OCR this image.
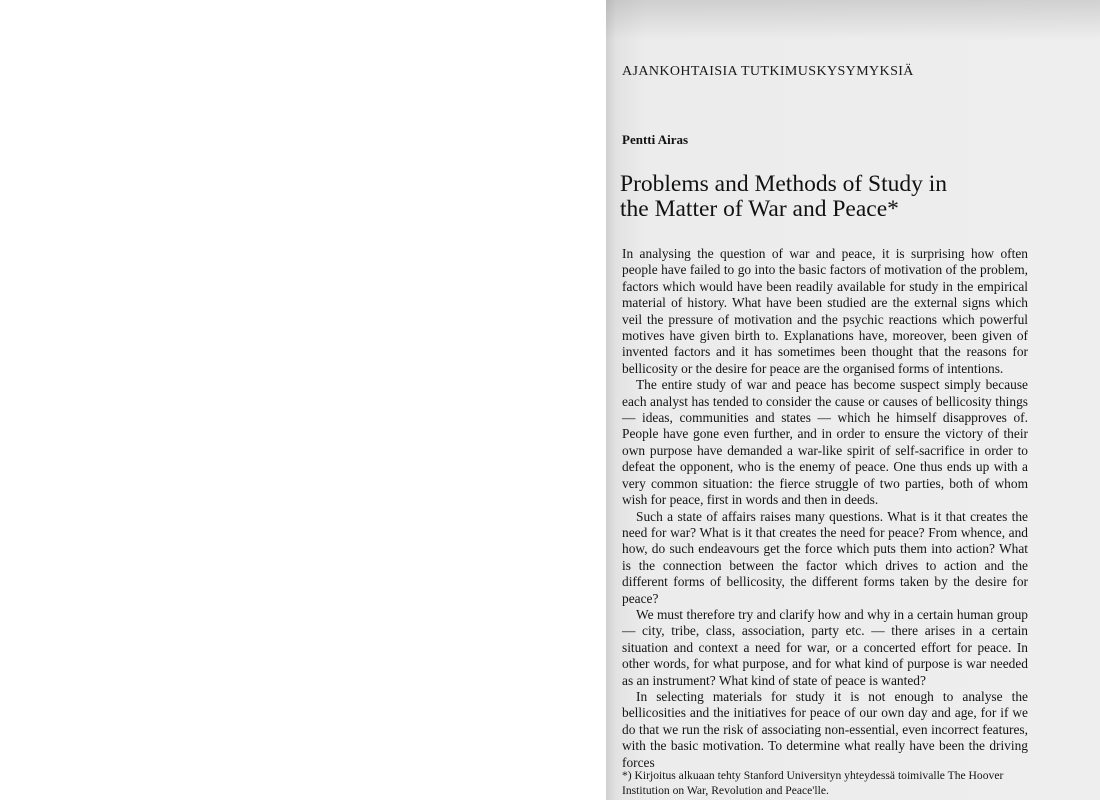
AJANKOHTAISIA TUTKIMUSKYSYMYKSIÄ
Pentti Airas
Problems and Methods of Study in
the Matter of War and Peace*

In analysing the question of war and peace, it is surprising how often people have failed to go into the basic factors of motivation of the problem, factors which would have been readily available for study in the empirical material of history. What have been studied are the external signs which veil the pressure of motivation and the psychic reactions which powerful motives have given birth to. Explanations have, moreover, been given of invented factors and it has sometimes been thought that the reasons for bellicosity or the desire for peace are the organised forms of intentions.

The entire study of war and peace has become suspect simply because each analyst has tended to consider the cause or causes of bellicosity things — ideas, communities and states — which he himself disapproves of. People have gone even further, and in order to ensure the victory of their own purpose have demanded a war-like spirit of self-sacrifice in order to defeat the opponent, who is the enemy of peace. One thus ends up with a very common situation: the fierce struggle of two parties, both of whom wish for peace, first in words and then in deeds.

Such a state of affairs raises many questions. What is it that creates the need for war? What is it that creates the need for peace? From whence, and how, do such endeavours get the force which puts them into action? What is the connection between the factor which drives to action and the different forms of bellicosity, the different forms taken by the desire for peace?

We must therefore try and clarify how and why in a certain human group — city, tribe, class, association, party etc. — there arises in a certain situation and context a need for war, or a concerted effort for peace. In other words, for what purpose, and for what kind of purpose is war needed as an instrument? What kind of state of peace is wanted?

In selecting materials for study it is not enough to analyse the bellicosities and the initiatives for peace of our own day and age, for if we do that we run the risk of associating non-essential, even incorrect features, with the basic motivation. To determine what really have been the driving forces

*) Kirjoitus alkuaan tehty Stanford Universityn yhteydessä toimivalle The Hoover Institution on War, Revolution and Peace'lle.
